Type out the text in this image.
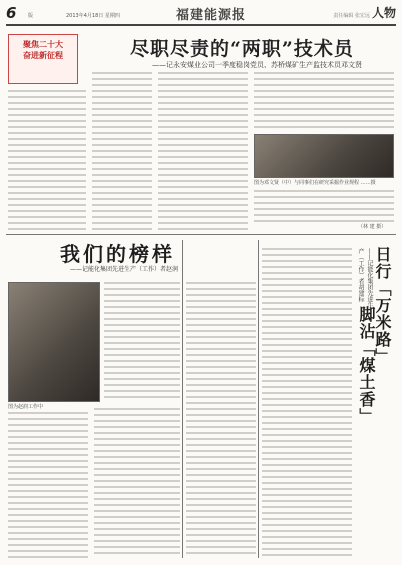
6 版	2013年4月18日 星期四	福建能源报	责任编辑 张宏远 人物
聚焦二十大
奋进新征程	尽职尽责的“两职”技术员
——记永安煤业公司一季度稳岗党员、苏桥煤矿生产监技术员邓文贤
图为邓文贤（中）与同事们在研究采掘作业规程 ……摄
（林 建 摄）
我们的榜样
——记能化集团先进生产（工作）者赵润
图为赵润工作中
日行「万米路」
脚沾「煤土香」
——记能化集团先进生产（工作）者胡建标
